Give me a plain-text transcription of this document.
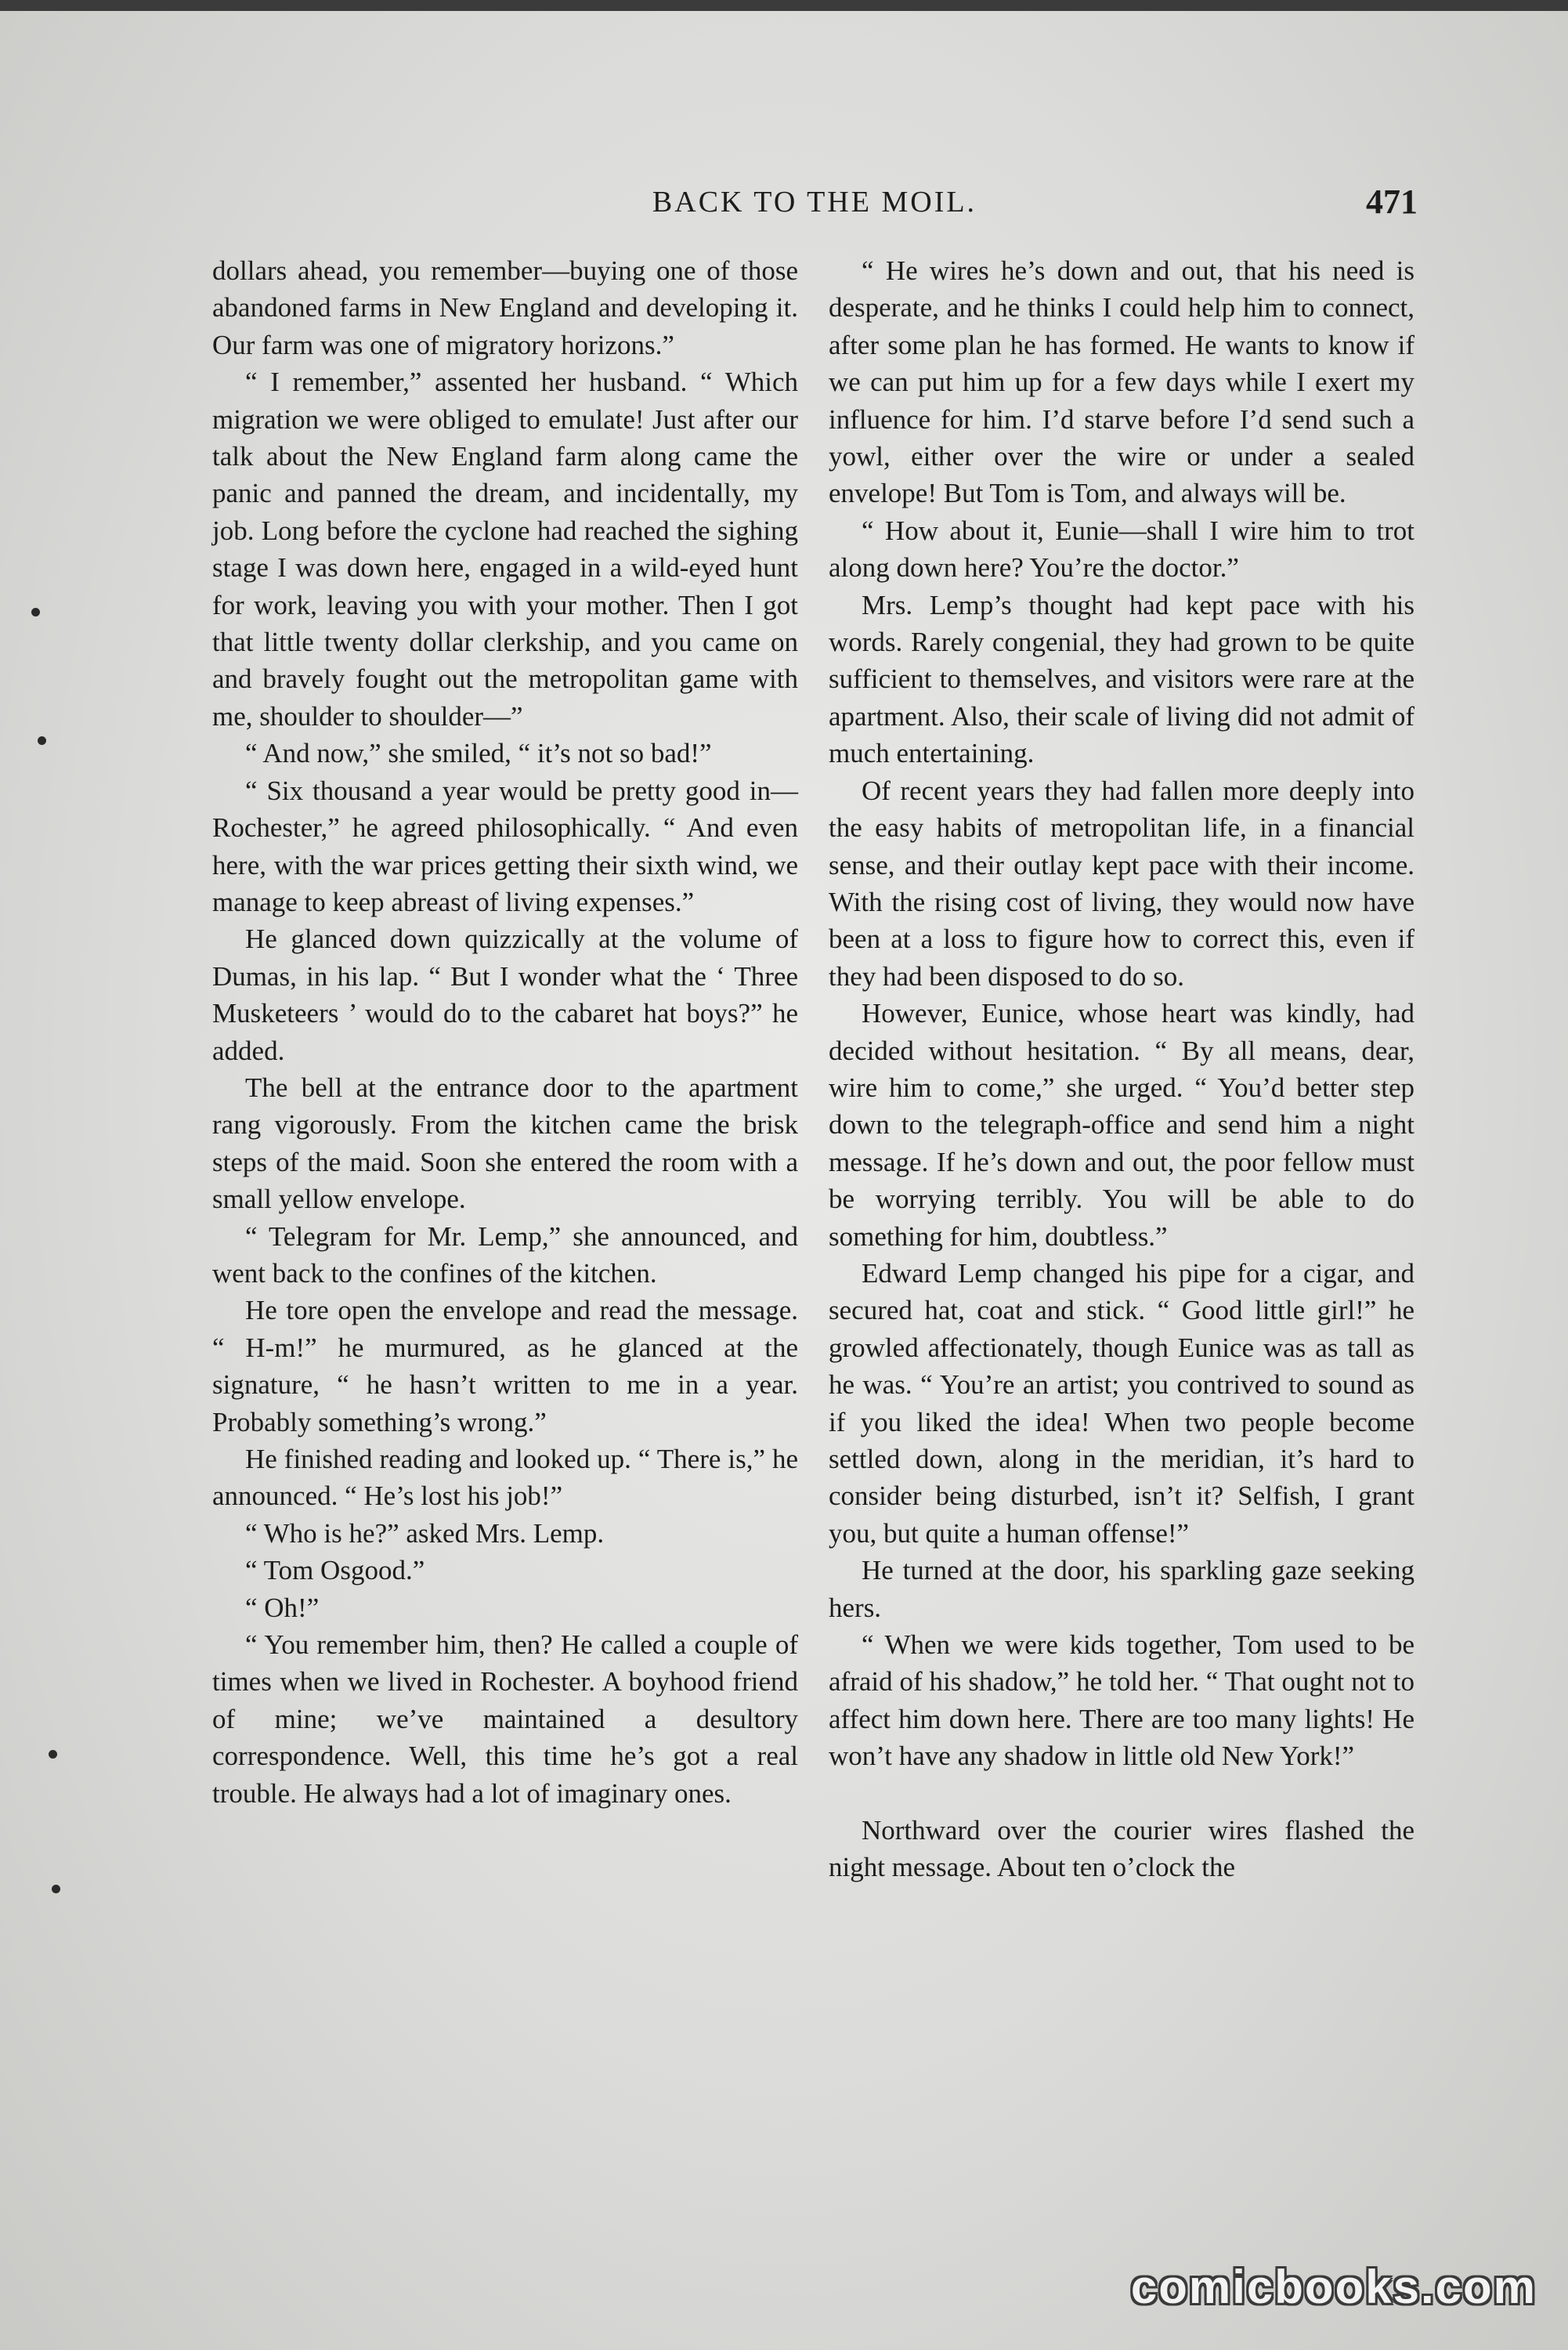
BACK TO THE MOIL.	471

dollars ahead, you remember—buying one of those abandoned farms in New England and developing it. Our farm was one of migratory horizons.”

“ I remember,” assented her husband. “ Which migration we were obliged to emulate! Just after our talk about the New England farm along came the panic and panned the dream, and incidentally, my job. Long before the cyclone had reached the sighing stage I was down here, engaged in a wild-eyed hunt for work, leaving you with your mother. Then I got that little twenty dollar clerkship, and you came on and bravely fought out the metropolitan game with me, shoulder to shoulder—”

“ And now,” she smiled, “ it’s not so bad!”

“ Six thousand a year would be pretty good in—Rochester,” he agreed philosophically. “ And even here, with the war prices getting their sixth wind, we manage to keep abreast of living expenses.”

He glanced down quizzically at the volume of Dumas, in his lap. “ But I wonder what the ‘ Three Musketeers ’ would do to the cabaret hat boys?” he added.

The bell at the entrance door to the apartment rang vigorously. From the kitchen came the brisk steps of the maid. Soon she entered the room with a small yellow envelope.

“ Telegram for Mr. Lemp,” she announced, and went back to the confines of the kitchen.

He tore open the envelope and read the message. “ H-m!” he murmured, as he glanced at the signature, “ he hasn’t written to me in a year. Probably something’s wrong.”

He finished reading and looked up. “ There is,” he announced. “ He’s lost his job!”

“ Who is he?” asked Mrs. Lemp.

“ Tom Osgood.”

“ Oh!”

“ You remember him, then? He called a couple of times when we lived in Rochester. A boyhood friend of mine; we’ve maintained a desultory correspondence. Well, this time he’s got a real trouble. He always had a lot of imaginary ones.

“ He wires he’s down and out, that his need is desperate, and he thinks I could help him to connect, after some plan he has formed. He wants to know if we can put him up for a few days while I exert my influence for him. I’d starve before I’d send such a yowl, either over the wire or under a sealed envelope! But Tom is Tom, and always will be.

“ How about it, Eunie—shall I wire him to trot along down here? You’re the doctor.”

Mrs. Lemp’s thought had kept pace with his words. Rarely congenial, they had grown to be quite sufficient to themselves, and visitors were rare at the apartment. Also, their scale of living did not admit of much entertaining.

Of recent years they had fallen more deeply into the easy habits of metropolitan life, in a financial sense, and their outlay kept pace with their income. With the rising cost of living, they would now have been at a loss to figure how to correct this, even if they had been disposed to do so.

However, Eunice, whose heart was kindly, had decided without hesitation. “ By all means, dear, wire him to come,” she urged. “ You’d better step down to the telegraph-office and send him a night message. If he’s down and out, the poor fellow must be worrying terribly. You will be able to do something for him, doubtless.”

Edward Lemp changed his pipe for a cigar, and secured hat, coat and stick. “ Good little girl!” he growled affectionately, though Eunice was as tall as he was. “ You’re an artist; you contrived to sound as if you liked the idea! When two people become settled down, along in the meridian, it’s hard to consider being disturbed, isn’t it? Selfish, I grant you, but quite a human offense!”

He turned at the door, his sparkling gaze seeking hers.

“ When we were kids together, Tom used to be afraid of his shadow,” he told her. “ That ought not to affect him down here. There are too many lights! He won’t have any shadow in little old New York!”

Northward over the courier wires flashed the night message. About ten o’clock the

comicbooks.com
